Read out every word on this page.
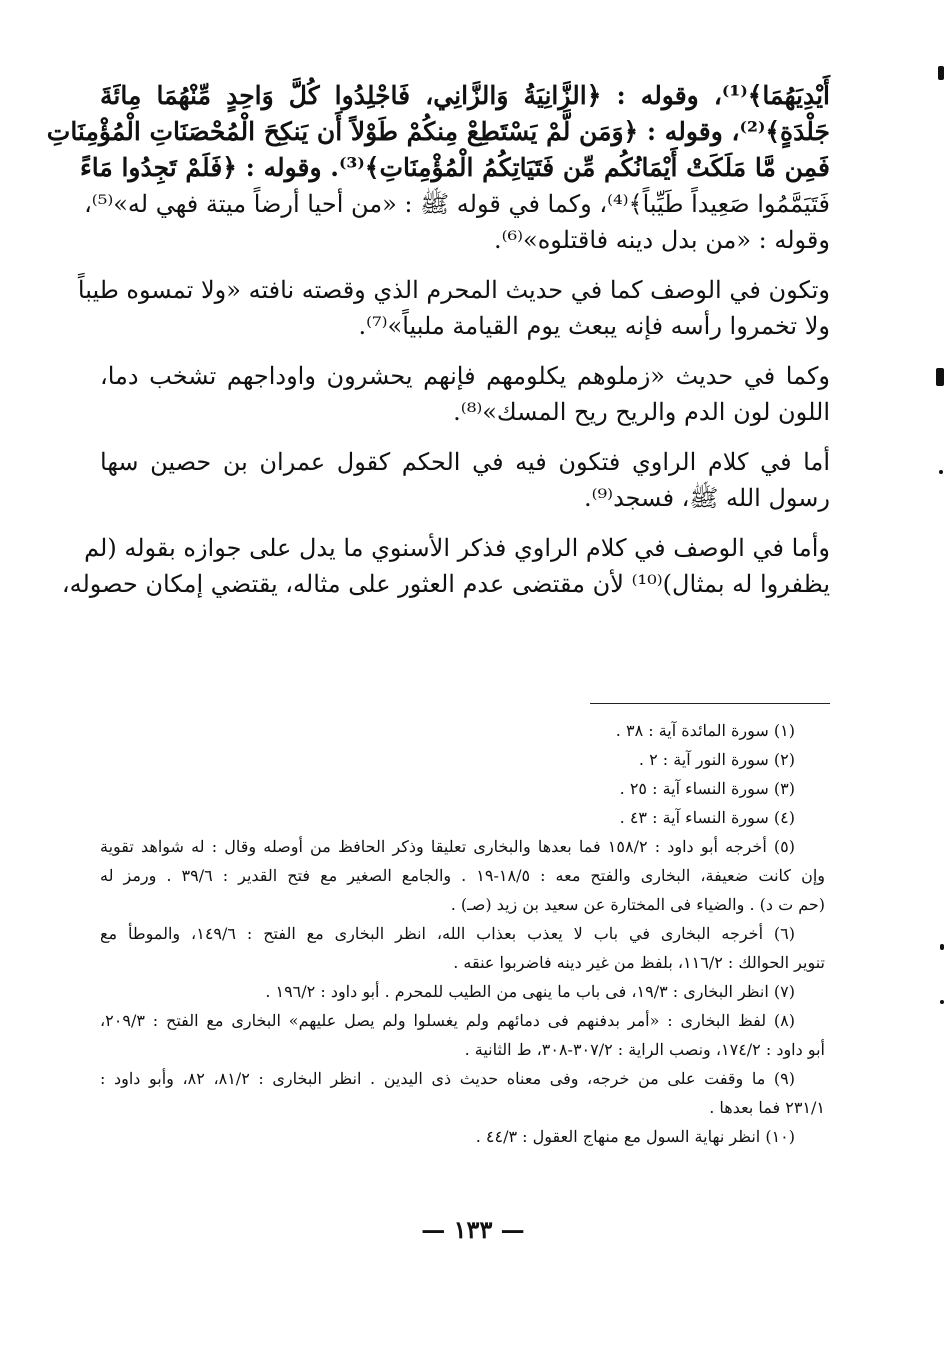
أَيْدِيَهُمَا﴾⁽¹⁾، وقوله : ﴿الزَّانِيَةُ وَالزَّانِي، فَاجْلِدُوا كُلَّ وَاحِدٍ مِّنْهُمَا مِائَةَ
جَلْدَةٍ﴾⁽²⁾، وقوله : ﴿وَمَن لَّمْ يَسْتَطِعْ مِنكُمْ طَوْلاً أَن يَنكِحَ الْمُحْصَنَاتِ الْمُؤْمِنَاتِ
فَمِن مَّا مَلَكَتْ أَيْمَانُكُم مِّن فَتَيَاتِكُمُ الْمُؤْمِنَاتِ﴾⁽³⁾. وقوله : ﴿فَلَمْ تَجِدُوا مَاءً
فَتَيَمَّمُوا صَعِيداً طَيِّباً﴾⁽⁴⁾، وكما في قوله ﷺ : «من أحيا أرضاً ميتة فهي له»⁽⁵⁾،
وقوله : «من بدل دينه فاقتلوه»⁽⁶⁾.
وتكون في الوصف كما في حديث المحرم الذي وقصته نافته «ولا تمسوه طيباً
ولا تخمروا رأسه فإنه يبعث يوم القيامة ملبياً»⁽⁷⁾.
وكما في حديث «زملوهم يكلومهم فإنهم يحشرون واوداجهم تشخب دما،
اللون لون الدم والريح ريح المسك»⁽⁸⁾.
أما في كلام الراوي فتكون فيه في الحكم كقول عمران بن حصين سها
رسول الله ﷺ، فسجد⁽⁹⁾.
وأما في الوصف في كلام الراوي فذكر الأسنوي ما يدل على جوازه بقوله (لم
يظفروا له بمثال)⁽¹⁰⁾ لأن مقتضى عدم العثور على مثاله، يقتضي إمكان حصوله،
(١) سورة المائدة آية : ٣٨ .
(٢) سورة النور آية : ٢ .
(٣) سورة النساء آية : ٢٥ .
(٤) سورة النساء آية : ٤٣ .
(٥) أخرجه أبو داود : ١٥٨/٢ فما بعدها والبخارى تعليقا وذكر الحافظ من أوصله وقال : له شواهد تقوية
وإن كانت ضعيفة، البخارى والفتح معه : ١٨/٥-١٩ . والجامع الصغير مع فتح القدير : ٣٩/٦ . ورمز له
(حم ت د) . والضياء فى المختارة عن سعيد بن زيد (صـ) .
(٦) أخرجه البخارى في باب لا يعذب بعذاب الله، انظر البخارى مع الفتح : ١٤٩/٦، والموطأ مع
تنوير الحوالك : ١١٦/٢، بلفظ من غير دينه فاضربوا عنقه .
(٧) انظر البخارى : ١٩/٣، فى باب ما ينهى من الطيب للمحرم . أبو داود : ١٩٦/٢ .
(٨) لفظ البخارى : «أمر بدفنهم فى دمائهم ولم يغسلوا ولم يصل عليهم» البخارى مع الفتح : ٢٠٩/٣،
أبو داود : ١٧٤/٢، ونصب الراية : ٣٠٧/٢-٣٠٨، ط الثانية .
(٩) ما وقفت على من خرجه، وفى معناه حديث ذى اليدين . انظر البخارى : ٨١/٢، ٨٢، وأبو داود :
٢٣١/١ فما بعدها .
(١٠) انظر نهاية السول مع منهاج العقول : ٤٤/٣ .
— ١٣٣ —
